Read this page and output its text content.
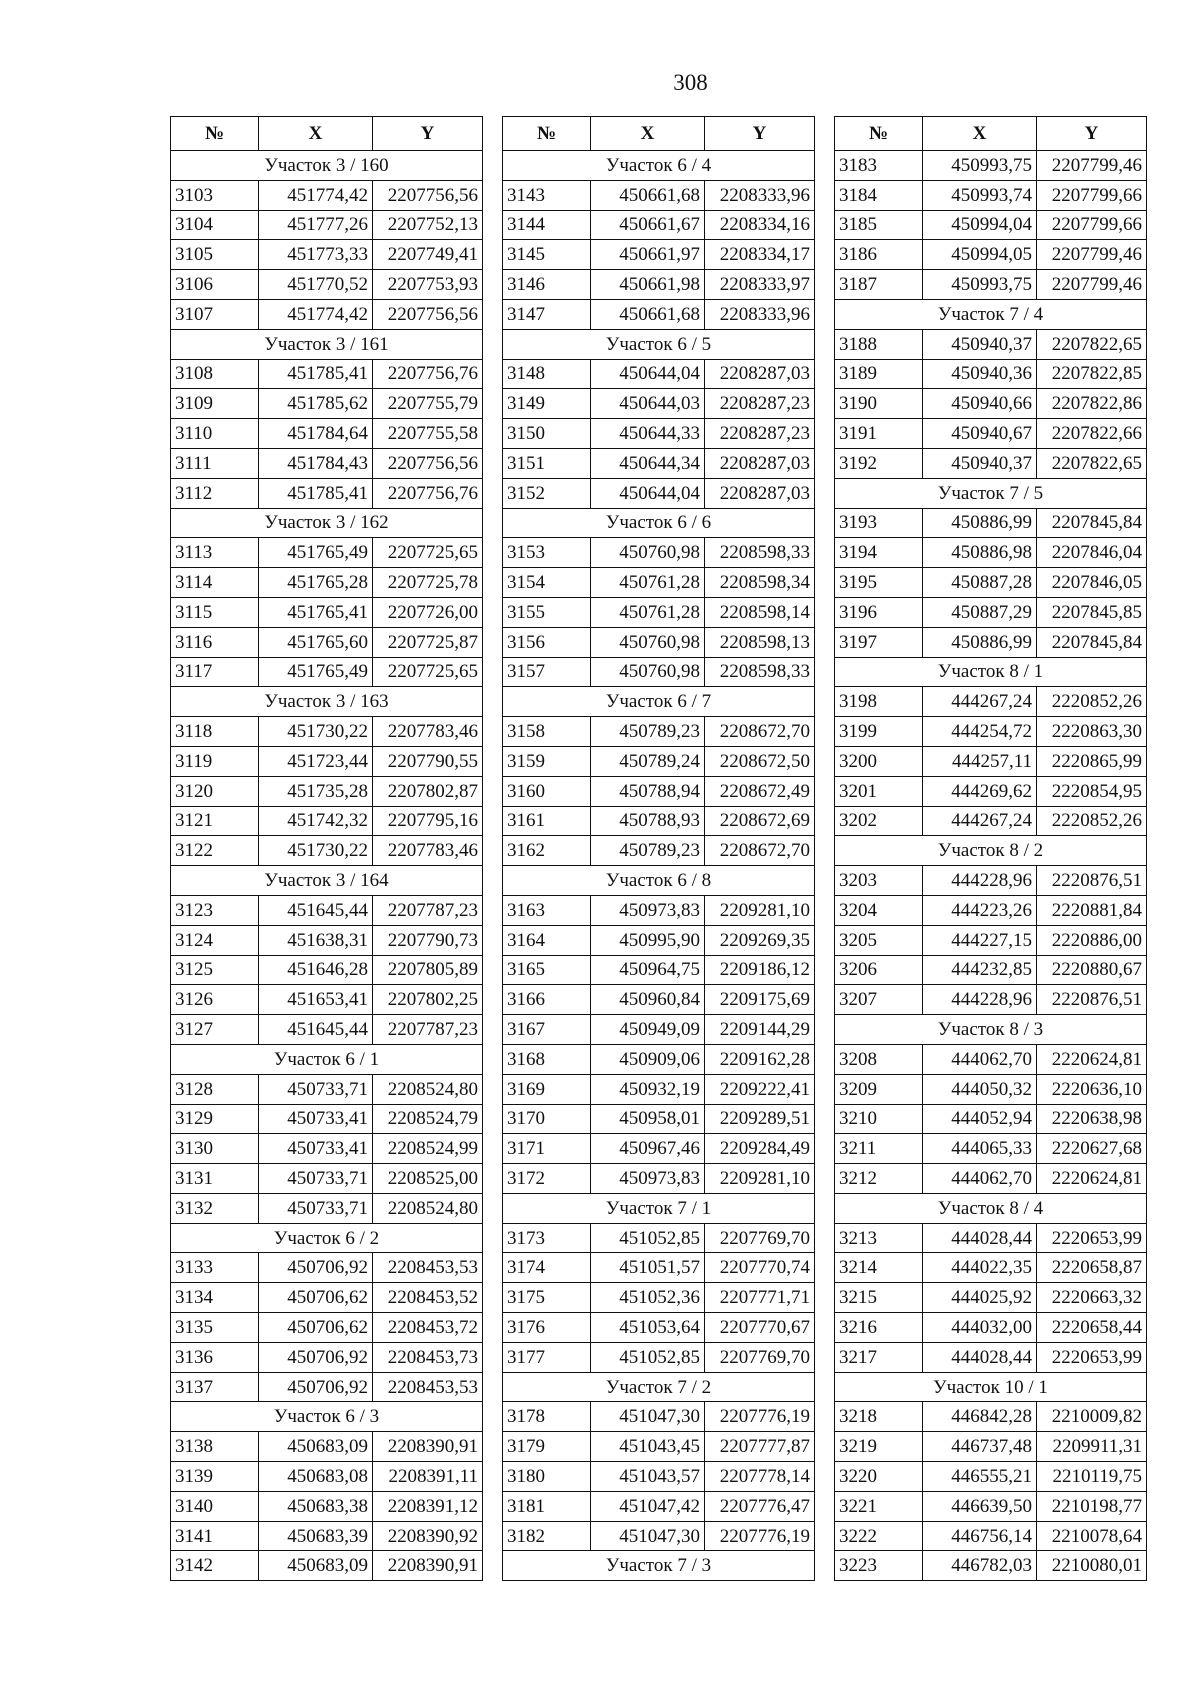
308
№	X	Y
Участок 3 / 160		
3103	451774,42	2207756,56
3104	451777,26	2207752,13
3105	451773,33	2207749,41
3106	451770,52	2207753,93
3107	451774,42	2207756,56
Участок 3 / 161		
3108	451785,41	2207756,76
3109	451785,62	2207755,79
3110	451784,64	2207755,58
3111	451784,43	2207756,56
3112	451785,41	2207756,76
Участок 3 / 162		
3113	451765,49	2207725,65
3114	451765,28	2207725,78
3115	451765,41	2207726,00
3116	451765,60	2207725,87
3117	451765,49	2207725,65
Участок 3 / 163		
3118	451730,22	2207783,46
3119	451723,44	2207790,55
3120	451735,28	2207802,87
3121	451742,32	2207795,16
3122	451730,22	2207783,46
Участок 3 / 164		
3123	451645,44	2207787,23
3124	451638,31	2207790,73
3125	451646,28	2207805,89
3126	451653,41	2207802,25
3127	451645,44	2207787,23
Участок 6 / 1		
3128	450733,71	2208524,80
3129	450733,41	2208524,79
3130	450733,41	2208524,99
3131	450733,71	2208525,00
3132	450733,71	2208524,80
Участок 6 / 2		
3133	450706,92	2208453,53
3134	450706,62	2208453,52
3135	450706,62	2208453,72
3136	450706,92	2208453,73
3137	450706,92	2208453,53
Участок 6 / 3		
3138	450683,09	2208390,91
3139	450683,08	2208391,11
3140	450683,38	2208391,12
3141	450683,39	2208390,92
3142	450683,09	2208390,91
№	X	Y
Участок 6 / 4		
3143	450661,68	2208333,96
3144	450661,67	2208334,16
3145	450661,97	2208334,17
3146	450661,98	2208333,97
3147	450661,68	2208333,96
Участок 6 / 5		
3148	450644,04	2208287,03
3149	450644,03	2208287,23
3150	450644,33	2208287,23
3151	450644,34	2208287,03
3152	450644,04	2208287,03
Участок 6 / 6		
3153	450760,98	2208598,33
3154	450761,28	2208598,34
3155	450761,28	2208598,14
3156	450760,98	2208598,13
3157	450760,98	2208598,33
Участок 6 / 7		
3158	450789,23	2208672,70
3159	450789,24	2208672,50
3160	450788,94	2208672,49
3161	450788,93	2208672,69
3162	450789,23	2208672,70
Участок 6 / 8		
3163	450973,83	2209281,10
3164	450995,90	2209269,35
3165	450964,75	2209186,12
3166	450960,84	2209175,69
3167	450949,09	2209144,29
3168	450909,06	2209162,28
3169	450932,19	2209222,41
3170	450958,01	2209289,51
3171	450967,46	2209284,49
3172	450973,83	2209281,10
Участок 7 / 1		
3173	451052,85	2207769,70
3174	451051,57	2207770,74
3175	451052,36	2207771,71
3176	451053,64	2207770,67
3177	451052,85	2207769,70
Участок 7 / 2		
3178	451047,30	2207776,19
3179	451043,45	2207777,87
3180	451043,57	2207778,14
3181	451047,42	2207776,47
3182	451047,30	2207776,19
Участок 7 / 3		
№	X	Y
3183	450993,75	2207799,46
3184	450993,74	2207799,66
3185	450994,04	2207799,66
3186	450994,05	2207799,46
3187	450993,75	2207799,46
Участок 7 / 4		
3188	450940,37	2207822,65
3189	450940,36	2207822,85
3190	450940,66	2207822,86
3191	450940,67	2207822,66
3192	450940,37	2207822,65
Участок 7 / 5		
3193	450886,99	2207845,84
3194	450886,98	2207846,04
3195	450887,28	2207846,05
3196	450887,29	2207845,85
3197	450886,99	2207845,84
Участок 8 / 1		
3198	444267,24	2220852,26
3199	444254,72	2220863,30
3200	444257,11	2220865,99
3201	444269,62	2220854,95
3202	444267,24	2220852,26
Участок 8 / 2		
3203	444228,96	2220876,51
3204	444223,26	2220881,84
3205	444227,15	2220886,00
3206	444232,85	2220880,67
3207	444228,96	2220876,51
Участок 8 / 3		
3208	444062,70	2220624,81
3209	444050,32	2220636,10
3210	444052,94	2220638,98
3211	444065,33	2220627,68
3212	444062,70	2220624,81
Участок 8 / 4		
3213	444028,44	2220653,99
3214	444022,35	2220658,87
3215	444025,92	2220663,32
3216	444032,00	2220658,44
3217	444028,44	2220653,99
Участок 10 / 1		
3218	446842,28	2210009,82
3219	446737,48	2209911,31
3220	446555,21	2210119,75
3221	446639,50	2210198,77
3222	446756,14	2210078,64
3223	446782,03	2210080,01
